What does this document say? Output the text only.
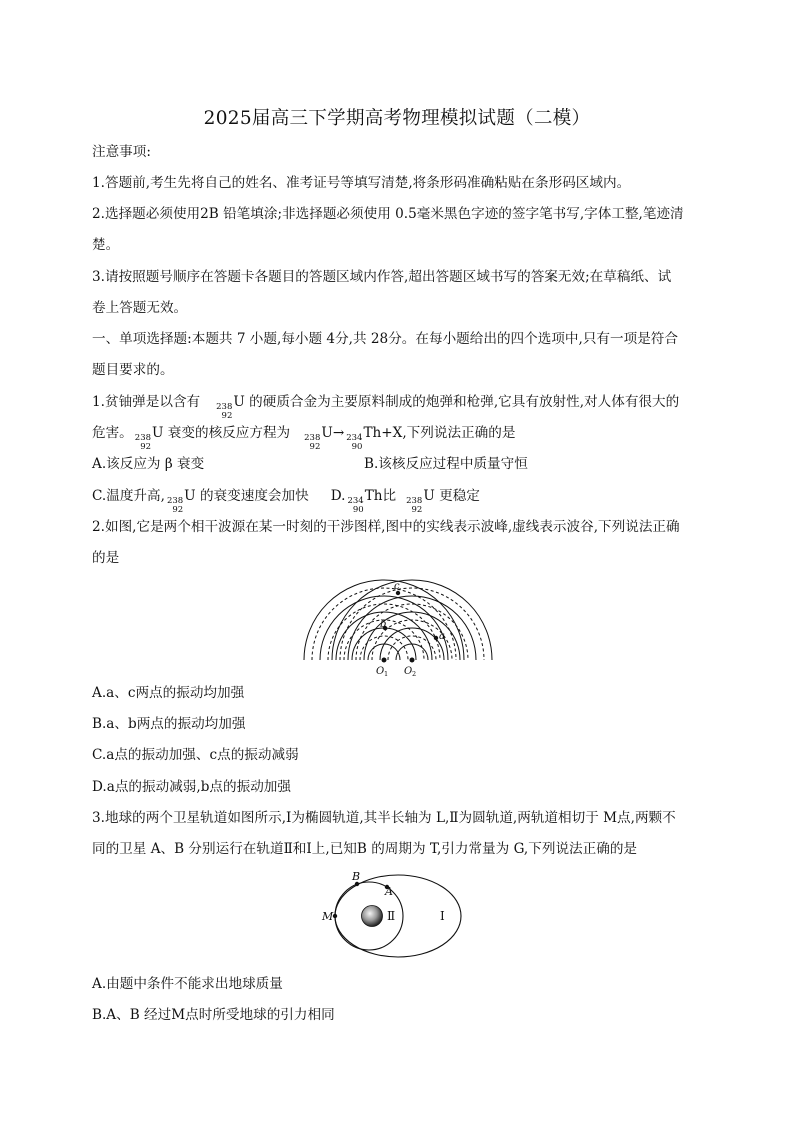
2025届高三下学期高考物理模拟试题（二模）
注意事项:
1.答题前,考生先将自己的姓名、准考证号等填写清楚,将条形码准确粘贴在条形码区域内。
2.选择题必须使用2B 铅笔填涂;非选择题必须使用 0.5毫米黑色字迹的签字笔书写,字体工整,笔迹清
楚。
3.请按照题号顺序在答题卡各题目的答题区域内作答,超出答题区域书写的答案无效;在草稿纸、试
卷上答题无效。
一、单项选择题:本题共 7 小题,每小题 4分,共 28分。在每小题给出的四个选项中,只有一项是符合
题目要求的。
1.贫铀弹是以含有 238
92
U 的硬质合金为主要原料制成的炮弹和枪弹,它具有放射性,对人体有很大的
危害。 238
92
U 衰变的核反应方程为 238
92
U→ 234
90
Th+X,下列说法正确的是
A.该反应为 β 衰变	B.该核反应过程中质量守恒
C.温度升高, 238
92
U 的衰变速度会加快 D. 234
90
Th比 238
92
U 更稳定
2.如图,它是两个相干波源在某一时刻的干涉图样,图中的实线表示波峰,虚线表示波谷,下列说法正确
的是
c
b
a
O O
1	2
A.a、c两点的振动均加强
B.a、b两点的振动均加强
C.a点的振动加强、c点的振动减弱
D.a点的振动减弱,b点的振动加强
3.地球的两个卫星轨道如图所示,Ⅰ为椭圆轨道,其半长轴为 L,Ⅱ为圆轨道,两轨道相切于 M点,两颗不
同的卫星 A、B 分别运行在轨道Ⅱ和Ⅰ上,已知B 的周期为 T,引力常量为 G,下列说法正确的是
B
A
M	Ⅱ	Ⅰ
A.由题中条件不能求出地球质量
B.A、B 经过M点时所受地球的引力相同
